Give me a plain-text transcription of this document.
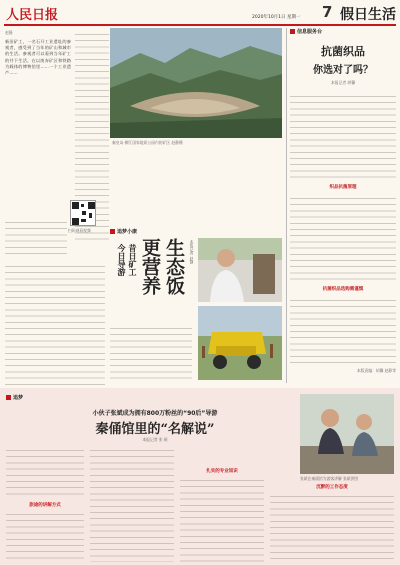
人民日报	2020年10月1日 星期一 7 假日生活
赵静
新田矿工，一名石开工业遗址的参观者，感受到了当年的矿山和城市的生活。参观者可以看到当年矿工的井下生活。在以废弃矿区和铁路为载体的博物馆里……一个工业遗产……
秦皇岛·柳江国家地质公园内的矿区 赵静摄
扫码观看视频	追梦小康
昔日矿工
今日导游 生态饭
更营养	本报记者 赵静
信息服务台
抗菌织品
你选对了吗？
本报记者 胡馨
织品抗菌原理
抗菌织品选购需谨慎
本版责编：胡馨 赵静等
追梦
小伙子张斌成为拥有800万粉丝的“90后”导游
秦俑馆里的“名解说”
本报记者 张 硕
旅途的讲解方式
扎实的专业知识
张斌在秦俑馆为游客讲解 张斌供图
沉醉的工作态度
